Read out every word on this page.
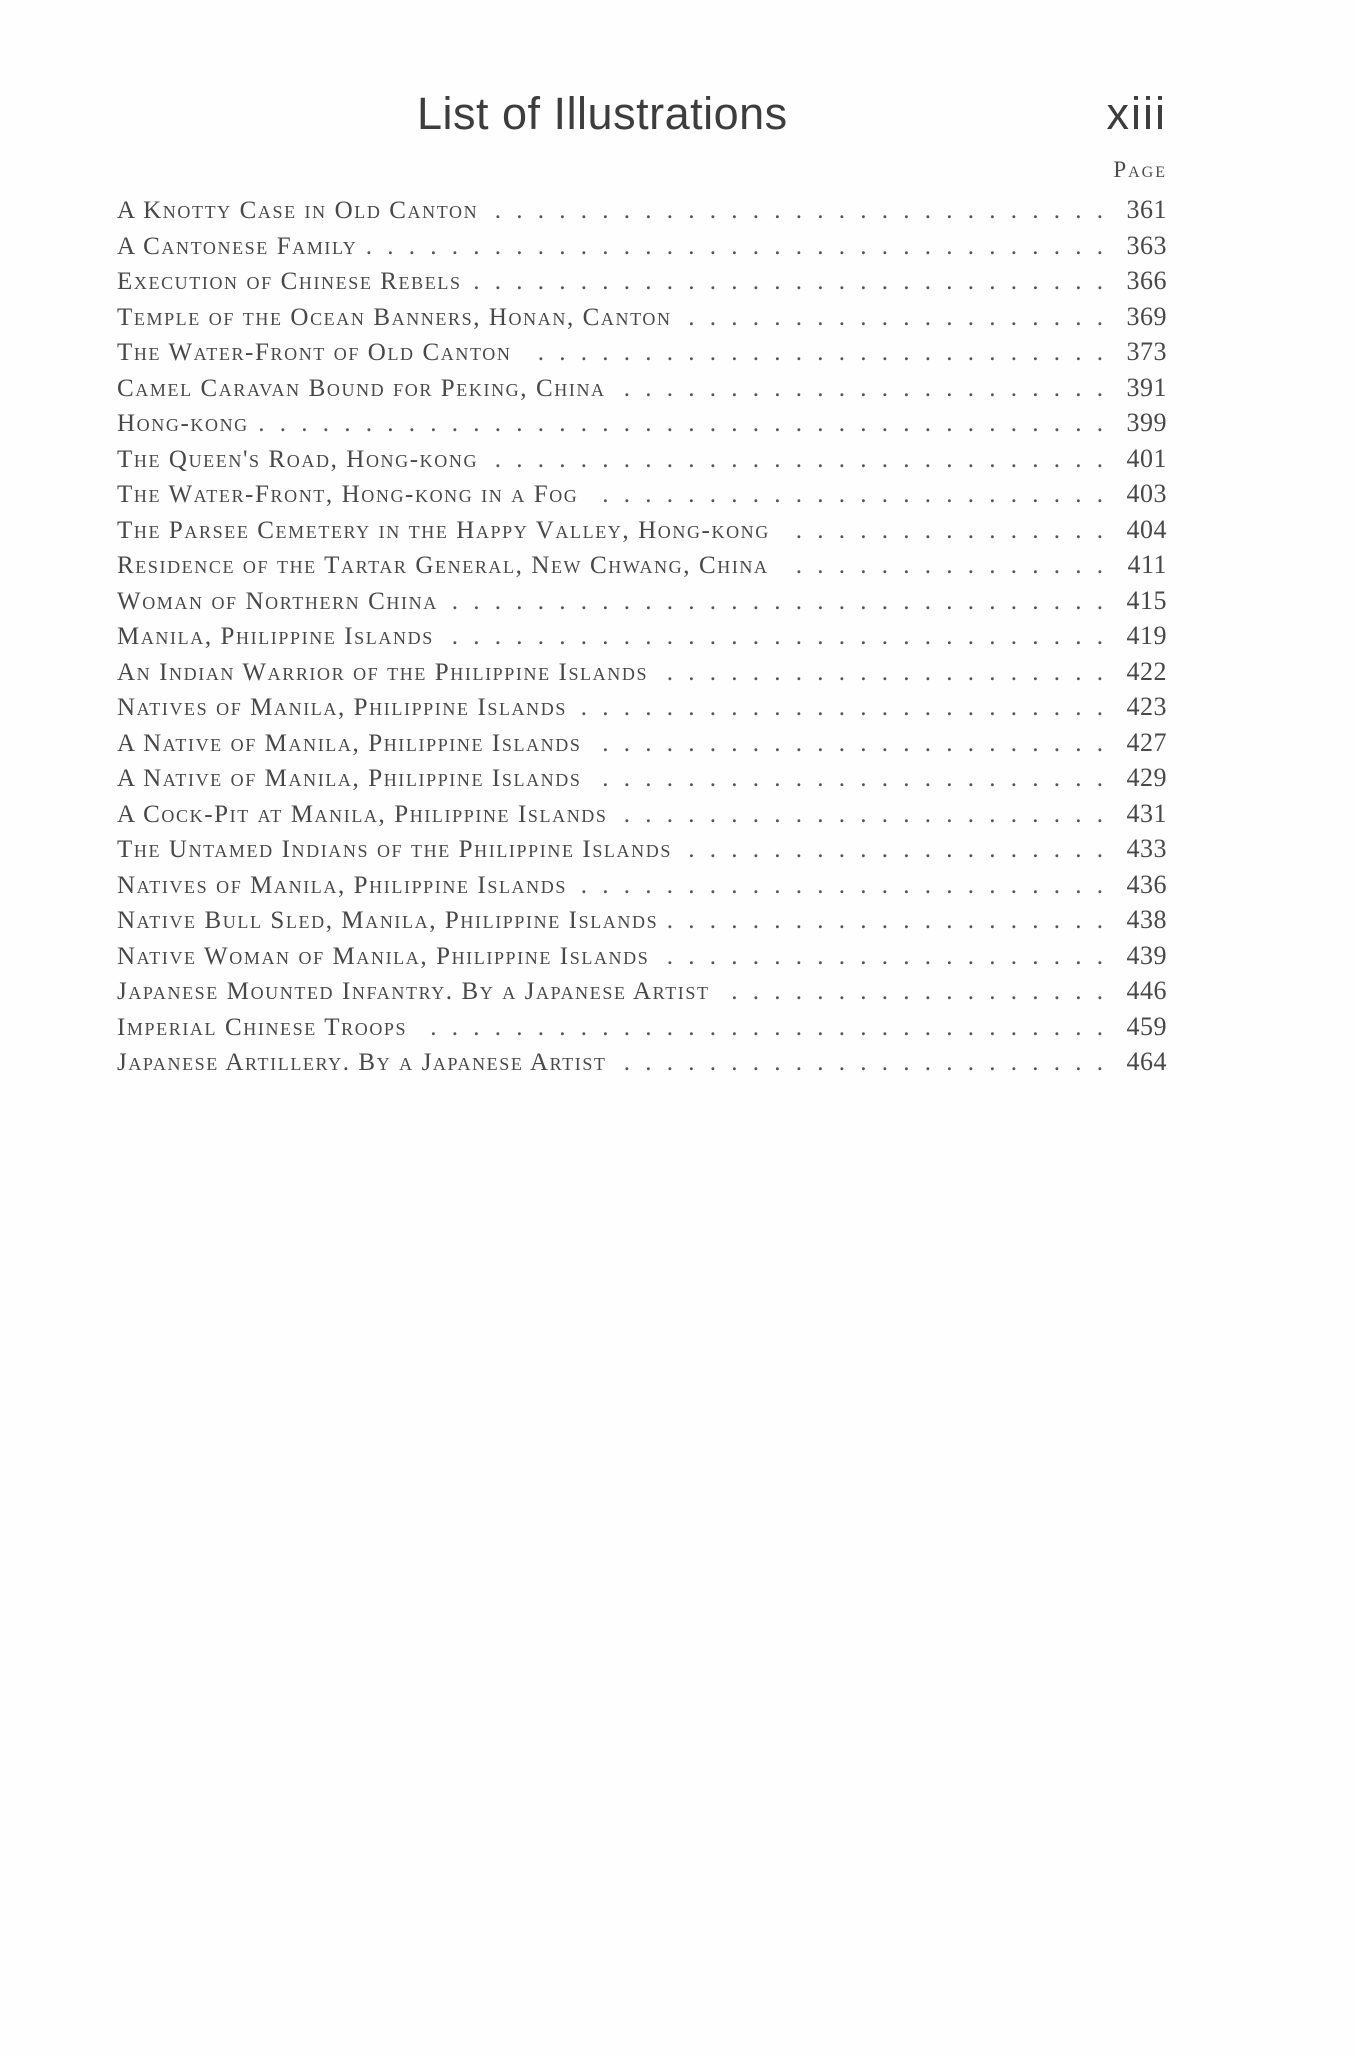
List of Illustrations	xiii
Page
A Knotty Case in Old Canton . . .	361
A Cantonese Family . . .	363
Execution of Chinese Rebels . . .	366
Temple of the Ocean Banners, Honan, Canton . . .	369
The Water-Front of Old Canton . . .	373
Camel Caravan Bound for Peking, China . . .	391
Hong-kong . . .	399
The Queen's Road, Hong-kong . . .	401
The Water-Front, Hong-kong in a Fog . . .	403
The Parsee Cemetery in the Happy Valley, Hong-kong . . .	404
Residence of the Tartar General, New Chwang, China . . .	411
Woman of Northern China . . .	415
Manila, Philippine Islands . . .	419
An Indian Warrior of the Philippine Islands . . .	422
Natives of Manila, Philippine Islands . . .	423
A Native of Manila, Philippine Islands . . .	427
A Native of Manila, Philippine Islands . . .	429
A Cock-Pit at Manila, Philippine Islands . . .	431
The Untamed Indians of the Philippine Islands . . .	433
Natives of Manila, Philippine Islands . . .	436
Native Bull Sled, Manila, Philippine Islands . . .	438
Native Woman of Manila, Philippine Islands . . .	439
Japanese Mounted Infantry. By a Japanese Artist . . .	446
Imperial Chinese Troops . . .	459
Japanese Artillery. By a Japanese Artist . . .	464
